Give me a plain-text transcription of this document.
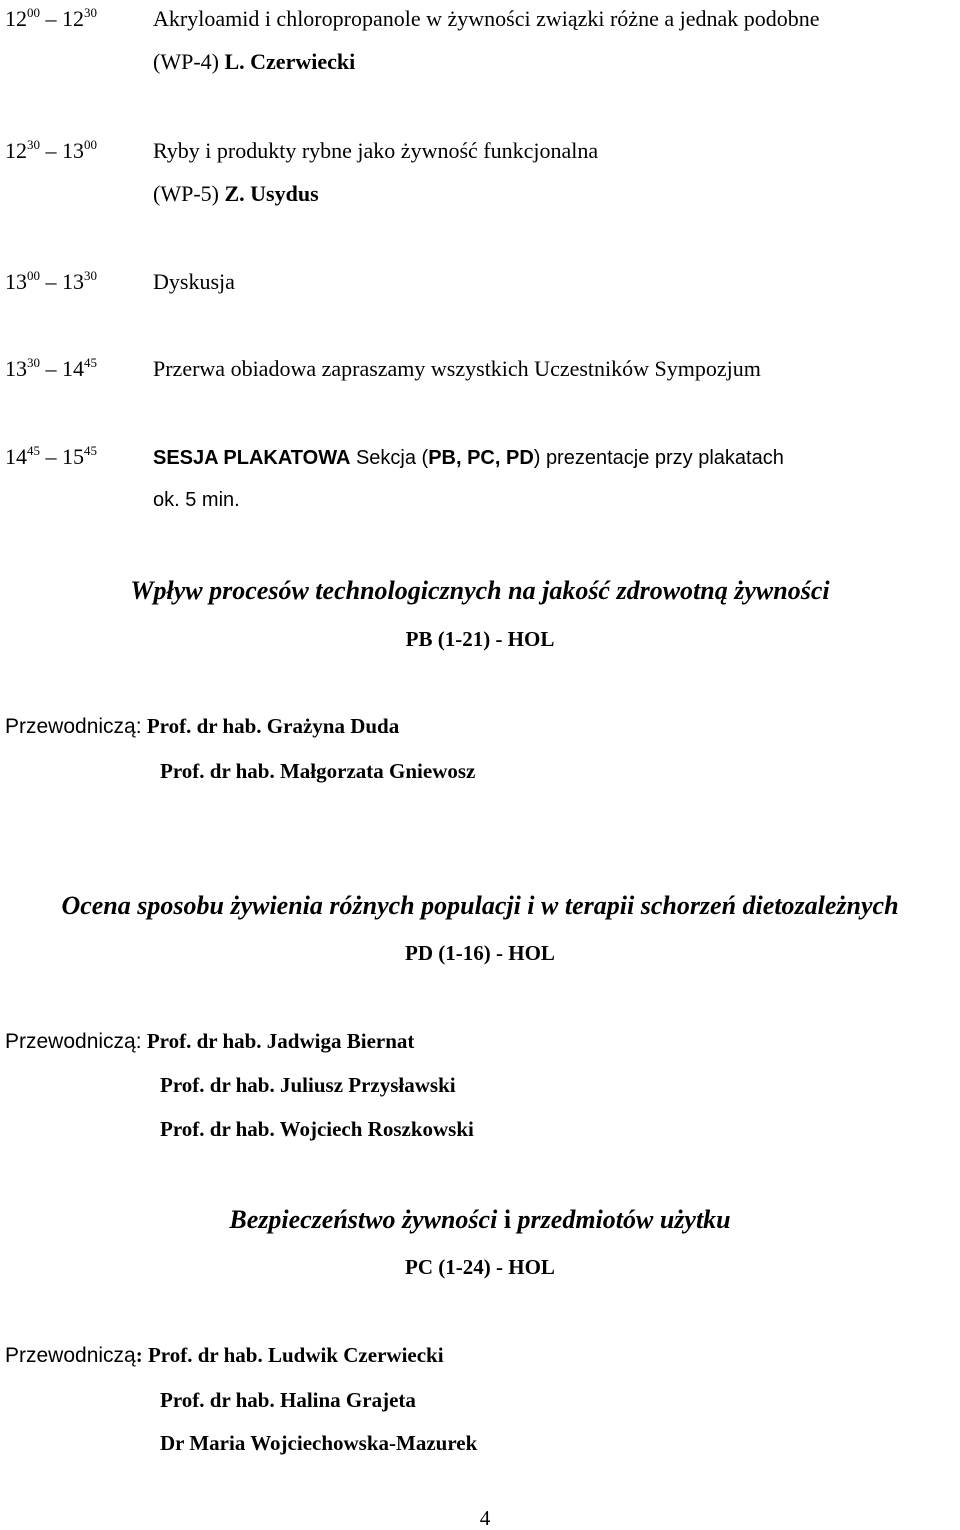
$12^{00} - 12^{30}$	Akryloamid i chloropropanole w żywności związki różne a jednak podobne
(WP-4) L. Czerwiecki
$12^{30} - 13^{00}$	Ryby i produkty rybne jako żywność funkcjonalna
(WP-5) Z. Usydus
$13^{00} - 13^{30}$	Dyskusja
$13^{30} - 14^{45}$	Przerwa obiadowa zapraszamy wszystkich Uczestników Sympozjum
$14^{45} - 15^{45}$	SESJA PLAKATOWA Sekcja (PB, PC, PD) prezentacje przy plakatach
ok. 5 min.
Wpływ procesów technologicznych na jakość zdrowotną żywności
PB (1-21) - HOL
Przewodniczą: Prof. dr hab. Grażyna Duda
Prof. dr hab. Małgorzata Gniewosz
Ocena sposobu żywienia różnych populacji i w terapii schorzeń dietozależnych
PD (1-16) - HOL
Przewodniczą: Prof. dr hab. Jadwiga Biernat
Prof. dr hab. Juliusz Przysławski
Prof. dr hab. Wojciech Roszkowski
Bezpieczeństwo żywności i przedmiotów użytku
PC (1-24) - HOL
Przewodniczą: Prof. dr hab. Ludwik Czerwiecki
Prof. dr hab. Halina Grajeta
Dr Maria Wojciechowska-Mazurek
4
